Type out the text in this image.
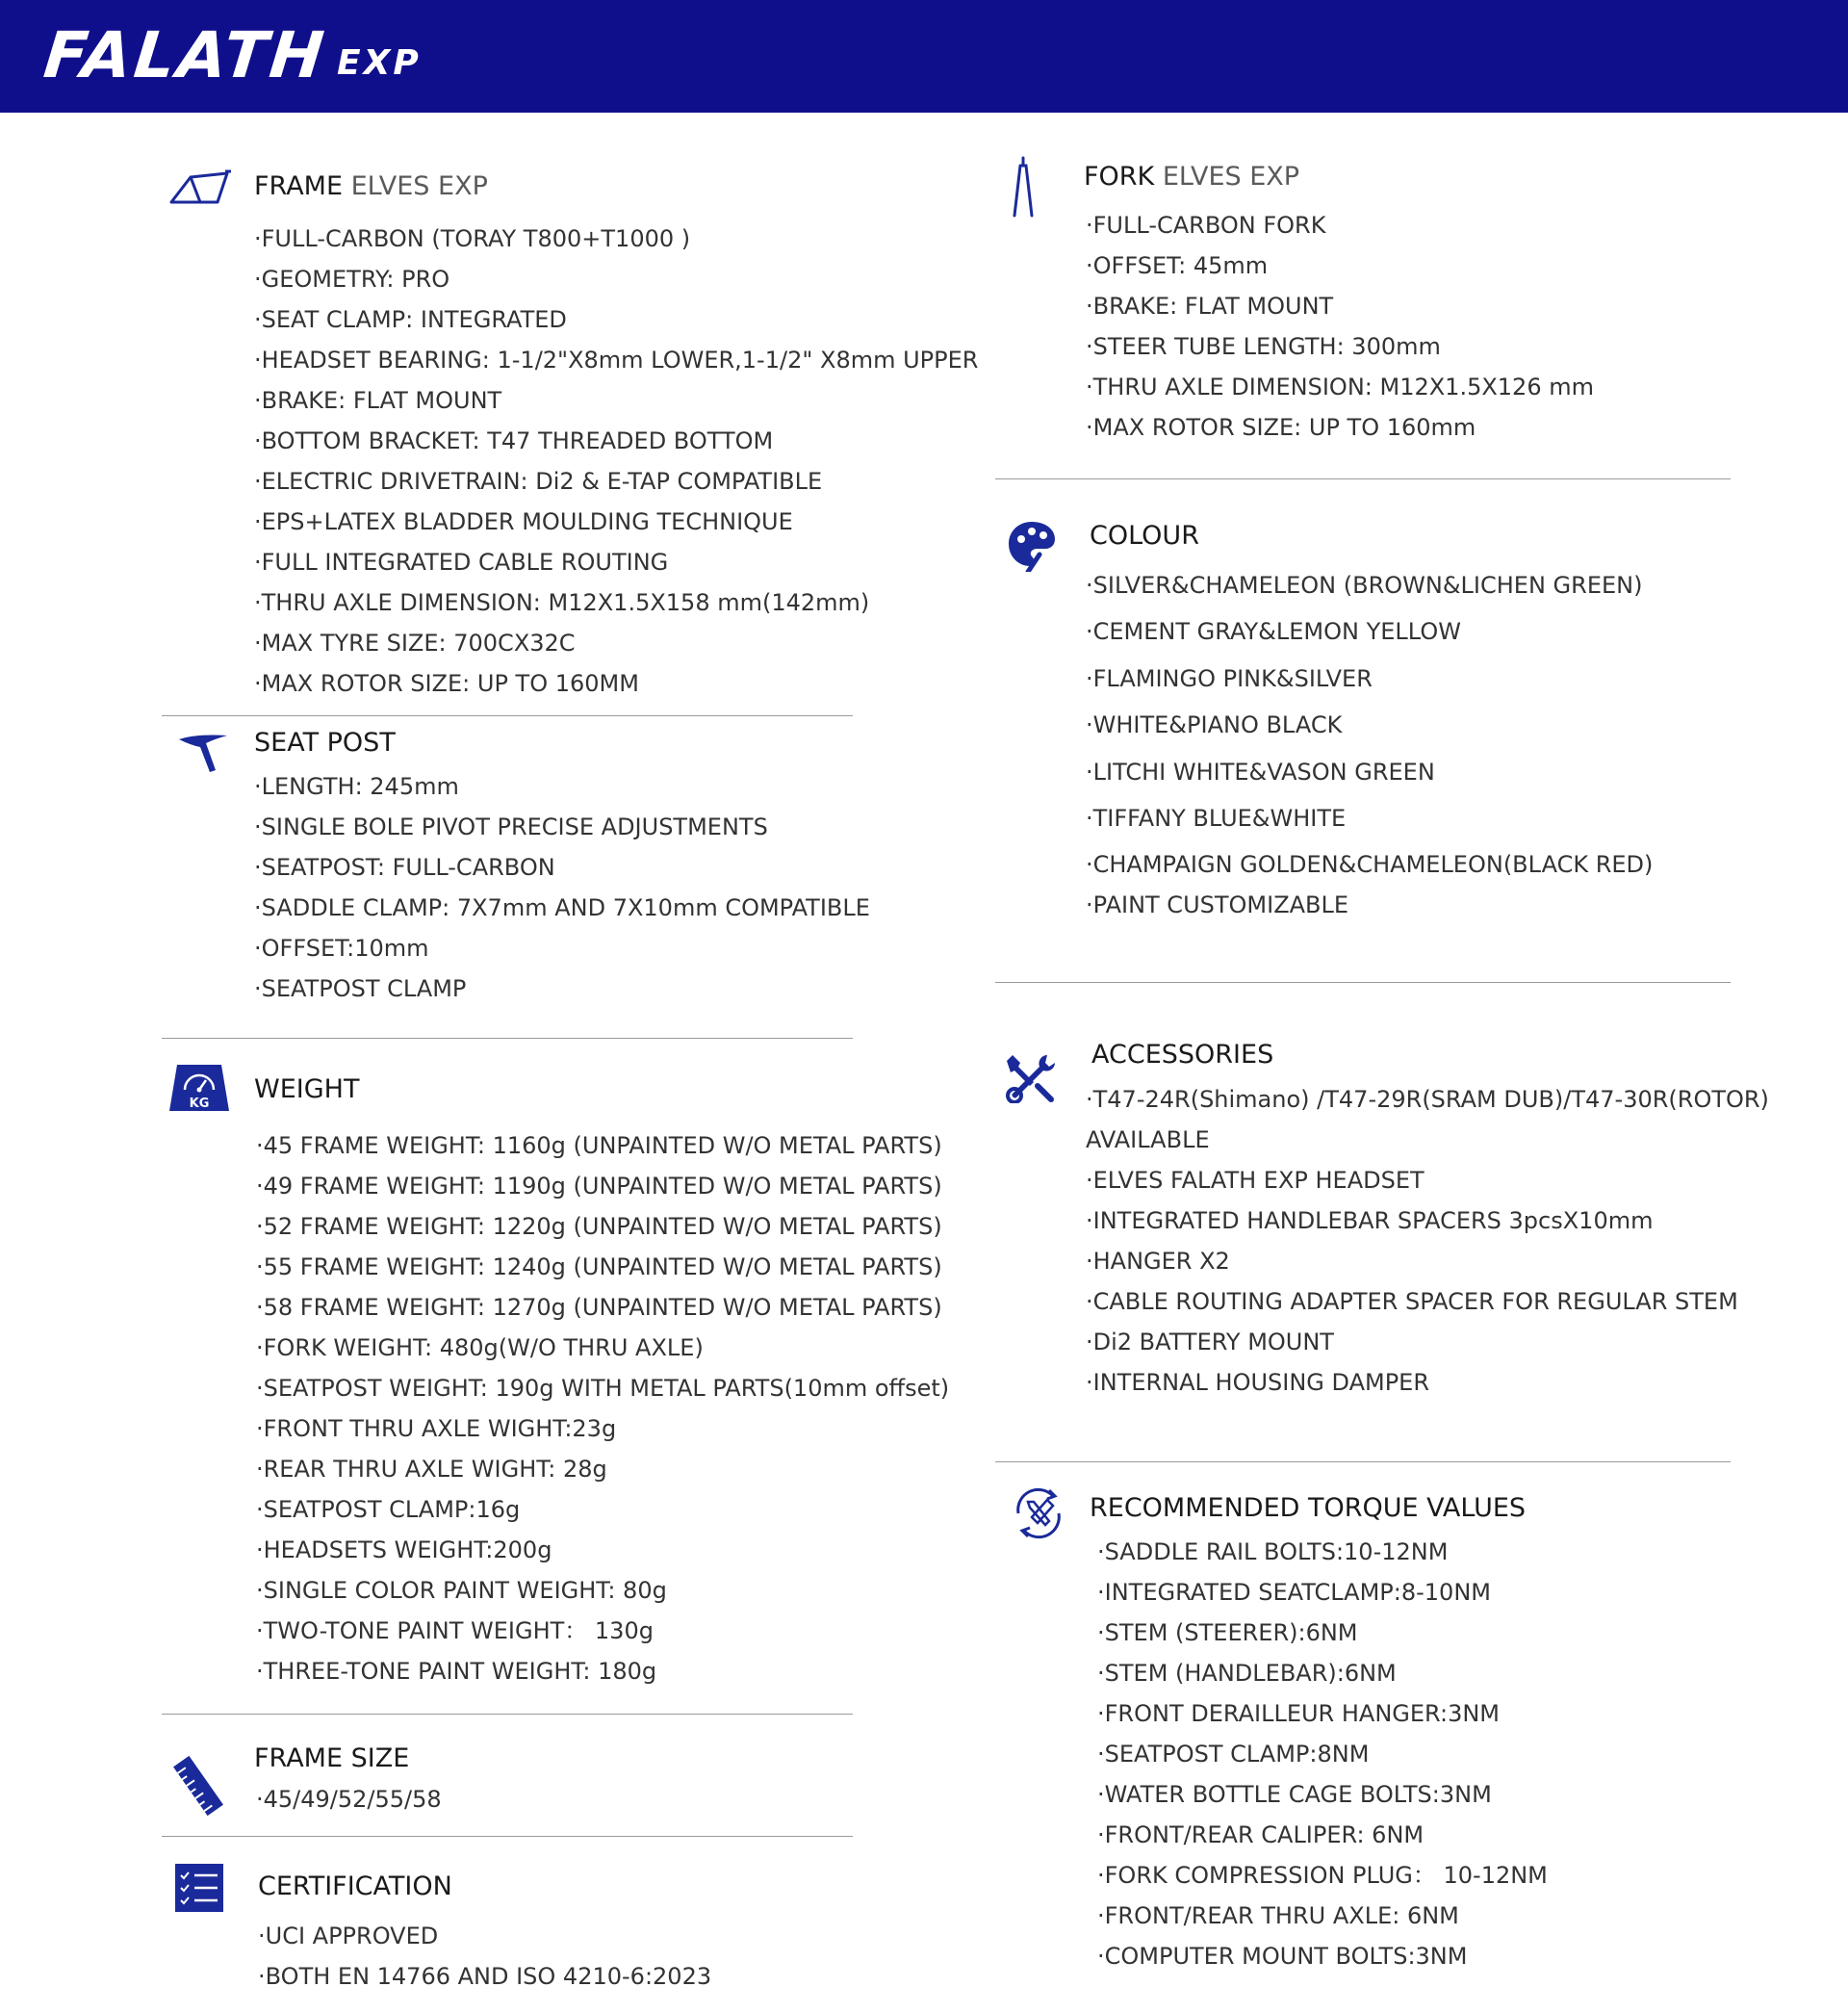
FALATH EXP
FRAME ELVES EXP
·FULL-CARBON (TORAY T800+T1000 )
·GEOMETRY: PRO
·SEAT CLAMP: INTEGRATED
·HEADSET BEARING: 1-1/2"X8mm LOWER,1-1/2" X8mm UPPER
·BRAKE: FLAT MOUNT
·BOTTOM BRACKET: T47 THREADED BOTTOM
·ELECTRIC DRIVETRAIN: Di2 & E-TAP COMPATIBLE
·EPS+LATEX BLADDER MOULDING TECHNIQUE
·FULL INTEGRATED CABLE ROUTING
·THRU AXLE DIMENSION: M12X1.5X158 mm(142mm)
·MAX TYRE SIZE: 700CX32C
·MAX ROTOR SIZE: UP TO 160MM
SEAT POST
·LENGTH: 245mm
·SINGLE BOLE PIVOT PRECISE ADJUSTMENTS
·SEATPOST: FULL-CARBON
·SADDLE CLAMP: 7X7mm AND 7X10mm COMPATIBLE
·OFFSET:10mm
·SEATPOST CLAMP
KG WEIGHT
·45 FRAME WEIGHT: 1160g (UNPAINTED W/O METAL PARTS)
·49 FRAME WEIGHT: 1190g (UNPAINTED W/O METAL PARTS)
·52 FRAME WEIGHT: 1220g (UNPAINTED W/O METAL PARTS)
·55 FRAME WEIGHT: 1240g (UNPAINTED W/O METAL PARTS)
·58 FRAME WEIGHT: 1270g (UNPAINTED W/O METAL PARTS)
·FORK WEIGHT: 480g(W/O THRU AXLE)
·SEATPOST WEIGHT: 190g WITH METAL PARTS(10mm offset)
·FRONT THRU AXLE WIGHT:23g
·REAR THRU AXLE WIGHT: 28g
·SEATPOST CLAMP:16g
·HEADSETS WEIGHT:200g
·SINGLE COLOR PAINT WEIGHT: 80g
·TWO-TONE PAINT WEIGHT： 130g
·THREE-TONE PAINT WEIGHT: 180g
FRAME SIZE
·45/49/52/55/58
CERTIFICATION
·UCI APPROVED
·BOTH EN 14766 AND ISO 4210-6:2023
FORK ELVES EXP
·FULL-CARBON FORK
·OFFSET: 45mm
·BRAKE: FLAT MOUNT
·STEER TUBE LENGTH: 300mm
·THRU AXLE DIMENSION: M12X1.5X126 mm
·MAX ROTOR SIZE: UP TO 160mm
COLOUR
·SILVER&CHAMELEON (BROWN&LICHEN GREEN)
·CEMENT GRAY&LEMON YELLOW
·FLAMINGO PINK&SILVER
·WHITE&PIANO BLACK
·LITCHI WHITE&VASON GREEN
·TIFFANY BLUE&WHITE
·CHAMPAIGN GOLDEN&CHAMELEON(BLACK RED)
·PAINT CUSTOMIZABLE
ACCESSORIES
·T47-24R(Shimano) /T47-29R(SRAM DUB)/T47-30R(ROTOR)
AVAILABLE
·ELVES FALATH EXP HEADSET
·INTEGRATED HANDLEBAR SPACERS 3pcsX10mm
·HANGER X2
·CABLE ROUTING ADAPTER SPACER FOR REGULAR STEM
·Di2 BATTERY MOUNT
·INTERNAL HOUSING DAMPER
RECOMMENDED TORQUE VALUES
·SADDLE RAIL BOLTS:10-12NM
·INTEGRATED SEATCLAMP:8-10NM
·STEM (STEERER):6NM
·STEM (HANDLEBAR):6NM
·FRONT DERAILLEUR HANGER:3NM
·SEATPOST CLAMP:8NM
·WATER BOTTLE CAGE BOLTS:3NM
·FRONT/REAR CALIPER: 6NM
·FORK COMPRESSION PLUG： 10-12NM
·FRONT/REAR THRU AXLE: 6NM
·COMPUTER MOUNT BOLTS:3NM
